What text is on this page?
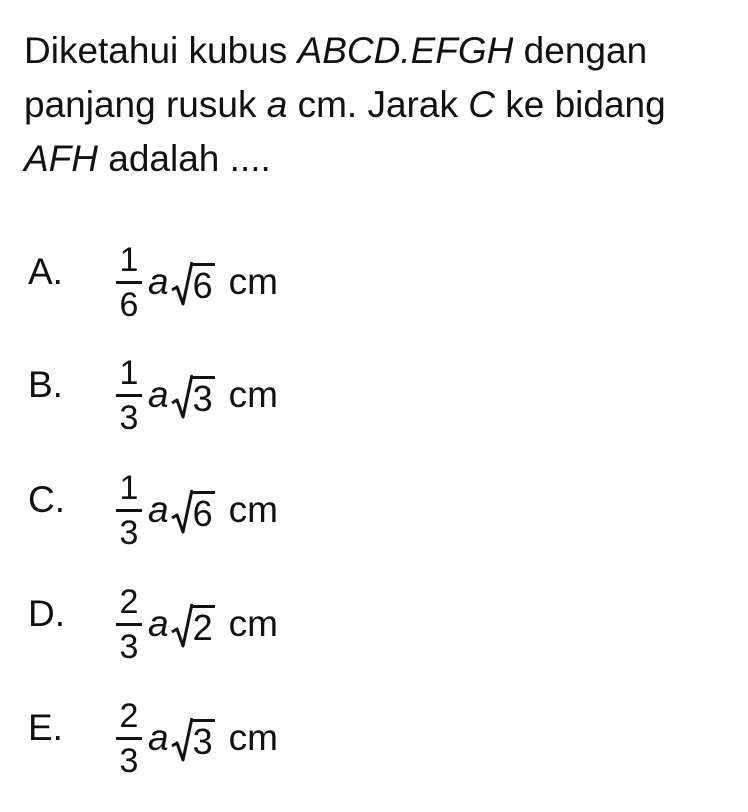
Diketahui kubus ABCD.EFGH dengan panjang rusuk a cm. Jarak C ke bidang AFH adalah ....
A. $\frac{1}{6}$ a 6 cm
B. $\frac{1}{3}$ a 3 cm
C. $\frac{1}{3}$ a 6 cm
D. $\frac{2}{3}$ a 2 cm
E. $\frac{2}{3}$ a 3 cm
